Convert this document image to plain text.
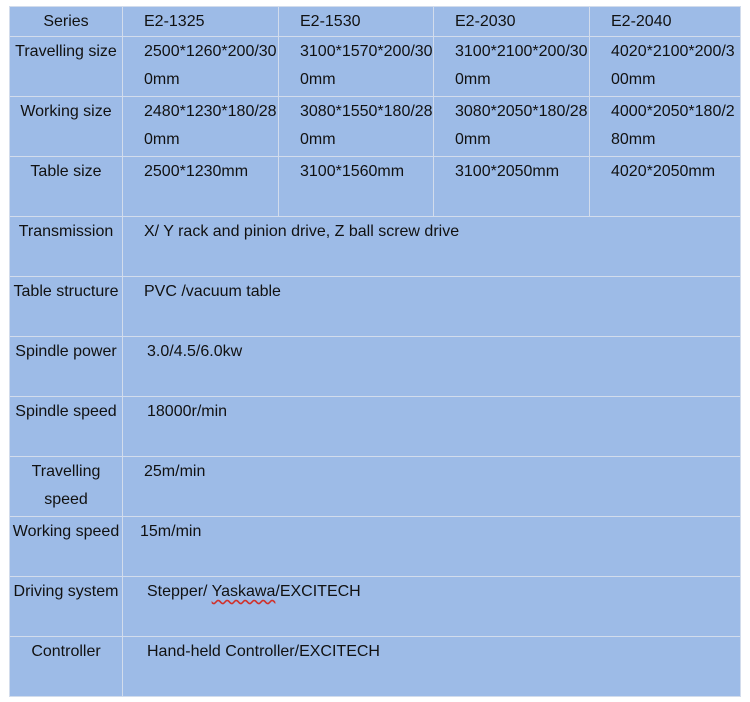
Series	E2-1325	E2-1530	E2-2030	E2-2040
Travelling size	2500*1260*200/300mm	3100*1570*200/300mm	3100*2100*200/300mm	4020*2100*200/300mm
Working size	2480*1230*180/280mm	3080*1550*180/280mm	3080*2050*180/280mm	4000*2050*180/280mm
Table size	2500*1230mm	3100*1560mm	3100*2050mm	4020*2050mm
Transmission	X/ Y rack and pinion drive, Z ball screw drive			
Table structure	PVC /vacuum table			
Spindle power	3.0/4.5/6.0kw			
Spindle speed	18000r/min			
Travelling speed	25m/min			
Working speed	15m/min			
Driving system	Stepper/ Yaskawa/EXCITECH			
Controller	Hand-held Controller/EXCITECH			
